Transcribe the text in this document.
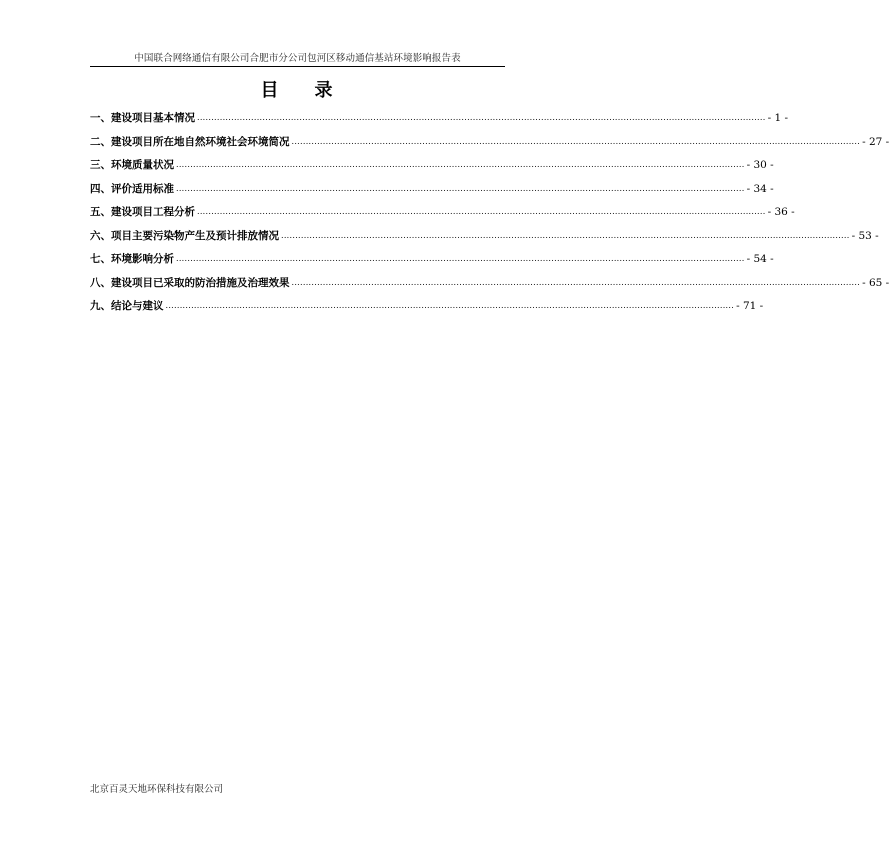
中国联合网络通信有限公司合肥市分公司包河区移动通信基站环境影响报告表
目 录
一、建设项目基本情况 ........................................................................................................................................................................................................ - 1 -
二、建设项目所在地自然环境社会环境简况 ........................................................................................................................................................................................................ - 27 -
三、环境质量状况 ........................................................................................................................................................................................................ - 30 -
四、评价适用标准 ........................................................................................................................................................................................................ - 34 -
五、建设项目工程分析 ........................................................................................................................................................................................................ - 36 -
六、项目主要污染物产生及预计排放情况 ........................................................................................................................................................................................................ - 53 -
七、环境影响分析 ........................................................................................................................................................................................................ - 54 -
八、建设项目已采取的防治措施及治理效果 ........................................................................................................................................................................................................ - 65 -
九、结论与建议 ........................................................................................................................................................................................................ - 71 -
北京百灵天地环保科技有限公司
